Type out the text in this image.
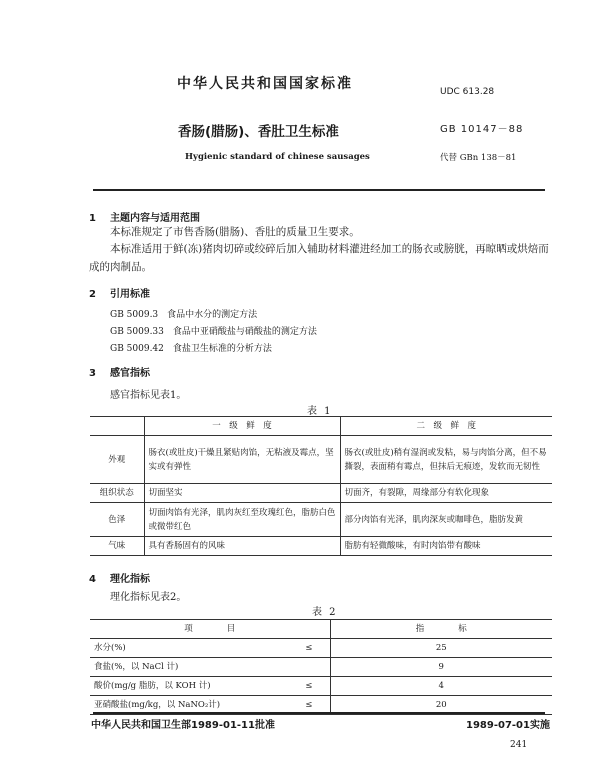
中华人民共和国国家标准	UDC 613.28
香肠(腊肠)、香肚卫生标准	GB 10147－88
Hygienic standard of chinese sausages	代替 GBn 138－81
1 主题内容与适用范围

本标准规定了市售香肠(腊肠)、香肚的质量卫生要求。

本标准适用于鲜(冻)猪肉切碎或绞碎后加入辅助材料灌进经加工的肠衣或膀胱，再晾晒或烘焙而成的肉制品。

2 引用标准
GB 5009.3　食品中水分的测定方法
GB 5009.33　食品中亚硝酸盐与硝酸盐的测定方法
GB 5009.42　食盐卫生标准的分析方法
3 感官指标
感官指标见表1。
表 1
	一　级　鲜　度	二　级　鲜　度
外观	肠衣(或肚皮)干燥且紧贴肉馅，无粘液及霉点，坚实或有弹性	肠衣(或肚皮)稍有湿润或发粘，易与肉馅分离，但不易撕裂，表面稍有霉点，但抹后无痕迹，发软而无韧性
组织状态	切面坚实	切面齐，有裂隙，周缘部分有软化现象
色泽	切面肉馅有光泽，肌肉灰红至玫瑰红色，脂肪白色或微带红色	部分肉馅有光泽，肌肉深灰或咖啡色，脂肪发黄
气味	具有香肠固有的风味	脂肪有轻微酸味，有时肉馅带有酸味
4 理化指标
理化指标见表2。
表 2
项　　　　目		指　　　　标
水分(%)	≤	25
食盐(%，以 NaCl 计)		9
酸价(mg/g 脂肪，以 KOH 计)	≤	4
亚硝酸盐(mg/kg，以 NaNO₂计)	≤	20
中华人民共和国卫生部1989-01-11批准	1989-07-01实施
241
